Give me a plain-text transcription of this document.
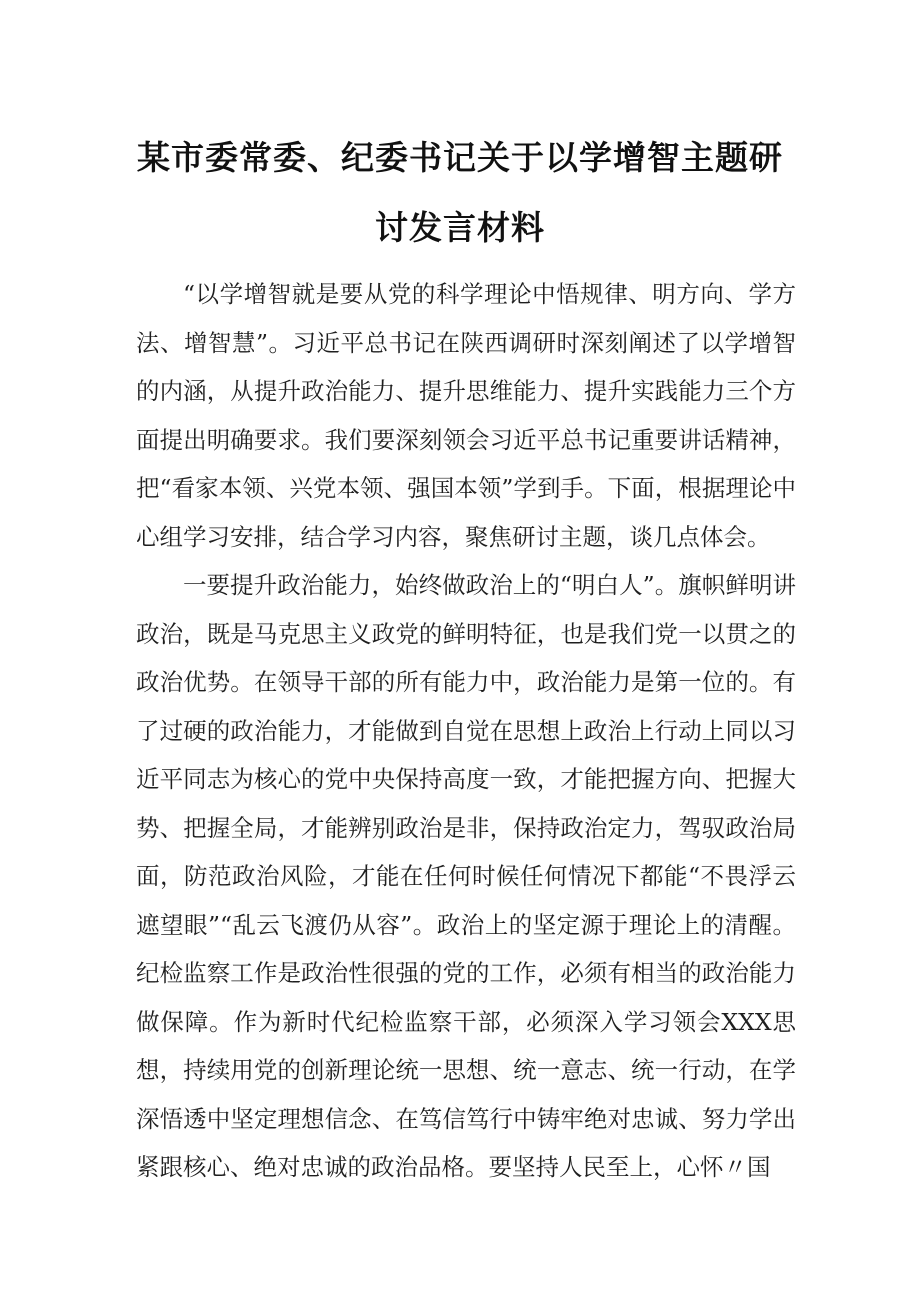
某市委常委、纪委书记关于以学增智主题研
讨发言材料

“以学增智就是要从党的科学理论中悟规律、明方向、学方法、增智慧”。习近平总书记在陕西调研时深刻阐述了以学增智的内涵，从提升政治能力、提升思维能力、提升实践能力三个方面提出明确要求。我们要深刻领会习近平总书记重要讲话精神，把“看家本领、兴党本领、强国本领”学到手。下面，根据理论中心组学习安排，结合学习内容，聚焦研讨主题，谈几点体会。

一要提升政治能力，始终做政治上的“明白人”。旗帜鲜明讲政治，既是马克思主义政党的鲜明特征，也是我们党一以贯之的政治优势。在领导干部的所有能力中，政治能力是第一位的。有了过硬的政治能力，才能做到自觉在思想上政治上行动上同以习近平同志为核心的党中央保持高度一致，才能把握方向、把握大势、把握全局，才能辨别政治是非，保持政治定力，驾驭政治局面，防范政治风险，才能在任何时候任何情况下都能“不畏浮云遮望眼”“乱云飞渡仍从容”。政治上的坚定源于理论上的清醒。纪检监察工作是政治性很强的党的工作，必须有相当的政治能力做保障。作为新时代纪检监察干部，必须深入学习领会XXX思想，持续用党的创新理论统一思想、统一意志、统一行动，在学深悟透中坚定理想信念、在笃信笃行中铸牢绝对忠诚、努力学出紧跟核心、绝对忠诚的政治品格。要坚持人民至上，心怀〃国
